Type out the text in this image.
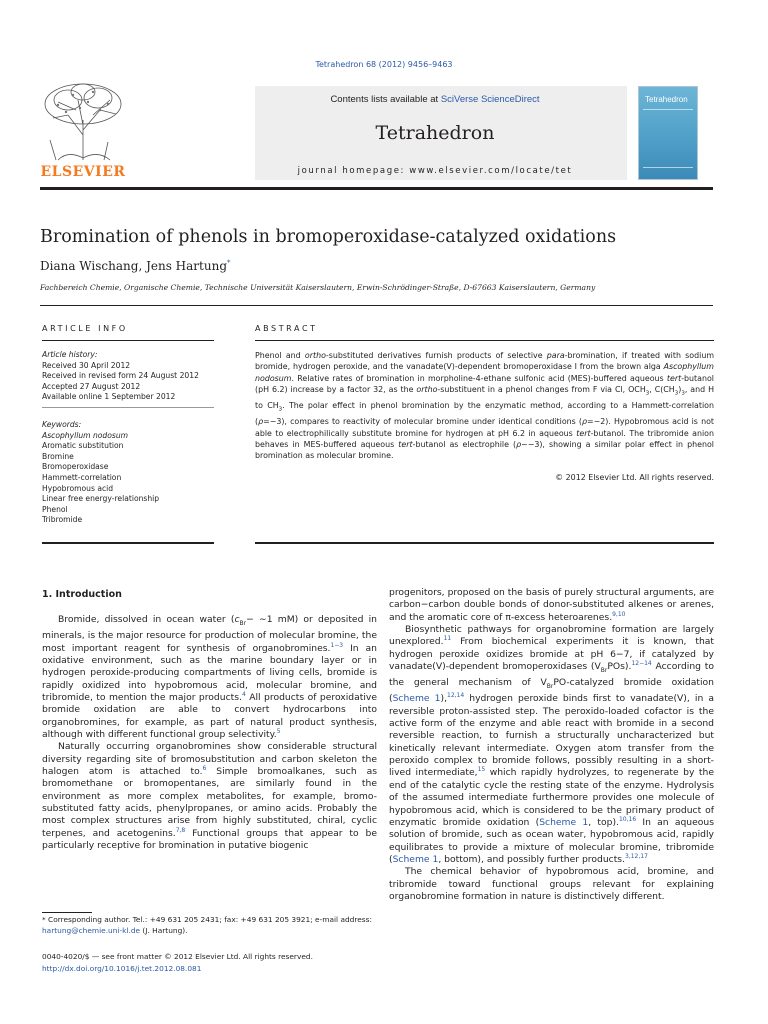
Tetrahedron 68 (2012) 9456–9463
ELSEVIER
Contents lists available at SciVerse ScienceDirect
Tetrahedron
journal homepage: www.elsevier.com/locate/tet
Tetrahedron
Bromination of phenols in bromoperoxidase-catalyzed oxidations
Diana Wischang, Jens Hartung*
Fachbereich Chemie, Organische Chemie, Technische Universität Kaiserslautern, Erwin-Schrödinger-Straße, D-67663 Kaiserslautern, Germany
ARTICLE INFO
Article history:
Received 30 April 2012
Received in revised form 24 August 2012
Accepted 27 August 2012
Available online 1 September 2012
Keywords:
Ascophyllum nodosum
Aromatic substitution
Bromine
Bromoperoxidase
Hammett-correlation
Hypobromous acid
Linear free energy-relationship
Phenol
Tribromide
ABSTRACT
Phenol and ortho-substituted derivatives furnish products of selective para-bromination, if treated with sodium bromide, hydrogen peroxide, and the vanadate(V)-dependent bromoperoxidase I from the brown alga Ascophyllum nodosum. Relative rates of bromination in morpholine-4-ethane sulfonic acid (MES)-buffered aqueous tert-butanol (pH 6.2) increase by a factor 32, as the ortho-substituent in a phenol changes from F via Cl, $OCH_3$, $C(CH_3)_3$, and H to $CH_3$. The polar effect in phenol bromination by the enzymatic method, according to a Hammett-correlation (ρ=−3), compares to reactivity of molecular bromine under identical conditions (ρ=−2). Hypobromous acid is not able to electrophilically substitute bromine for hydrogen at pH 6.2 in aqueous tert-butanol. The tribromide anion behaves in MES-buffered aqueous tert-butanol as electrophile (ρ∼−3), showing a similar polar effect in phenol bromination as molecular bromine.
© 2012 Elsevier Ltd. All rights reserved.
1. Introduction

Bromide, dissolved in ocean water ($c_{Br}-$ ∼1 mM) or deposited in minerals, is the major resource for production of molecular bromine, the most important reagent for synthesis of organobromines.$^{1-3}$ In an oxidative environment, such as the marine boundary layer or in hydrogen peroxide-producing compartments of living cells, bromide is rapidly oxidized into hypobromous acid, molecular bromine, and tribromide, to mention the major products.$^4$ All products of peroxidative bromide oxidation are able to convert hydrocarbons into organobromines, for example, as part of natural product synthesis, although with different functional group selectivity.$^5$

Naturally occurring organobromines show considerable structural diversity regarding site of bromosubstitution and carbon skeleton the halogen atom is attached to.$^6$ Simple bromoalkanes, such as bromomethane or bromopentanes, are similarly found in the environment as more complex metabolites, for example, bromo-substituted fatty acids, phenylpropanes, or amino acids. Probably the most complex structures arise from highly substituted, chiral, cyclic terpenes, and acetogenins.$^{7,8}$ Functional groups that appear to be particularly receptive for bromination in putative biogenic

progenitors, proposed on the basis of purely structural arguments, are carbon−carbon double bonds of donor-substituted alkenes or arenes, and the aromatic core of π-excess heteroarenes.$^{9,10}$

Biosynthetic pathways for organobromine formation are largely unexplored.$^{11}$ From biochemical experiments it is known, that hydrogen peroxide oxidizes bromide at pH 6−7, if catalyzed by vanadate(V)-dependent bromoperoxidases $(V_{Br}POs).^{12-14}$ According to the general mechanism of $V_{Br}PO$-catalyzed bromide oxidation (Scheme 1),$^{12,14}$ hydrogen peroxide binds first to vanadate(V), in a reversible proton-assisted step. The peroxido-loaded cofactor is the active form of the enzyme and able react with bromide in a second reversible reaction, to furnish a structurally uncharacterized but kinetically relevant intermediate. Oxygen atom transfer from the peroxido complex to bromide follows, possibly resulting in a short-lived intermediate,$^{15}$ which rapidly hydrolyzes, to regenerate by the end of the catalytic cycle the resting state of the enzyme. Hydrolysis of the assumed intermediate furthermore provides one molecule of hypobromous acid, which is considered to be the primary product of enzymatic bromide oxidation (Scheme 1, top).$^{10,16}$ In an aqueous solution of bromide, such as ocean water, hypobromous acid, rapidly equilibrates to provide a mixture of molecular bromine, tribromide (Scheme 1, bottom), and possibly further products.$^{3,12,17}$

The chemical behavior of hypobromous acid, bromine, and tribromide toward functional groups relevant for explaining organobromine formation in nature is distinctively different.

* Corresponding author. Tel.: +49 631 205 2431; fax: +49 631 205 3921; e-mail address: hartung@chemie.uni-kl.de (J. Hartung).
0040-4020/$ — see front matter © 2012 Elsevier Ltd. All rights reserved.
http://dx.doi.org/10.1016/j.tet.2012.08.081
